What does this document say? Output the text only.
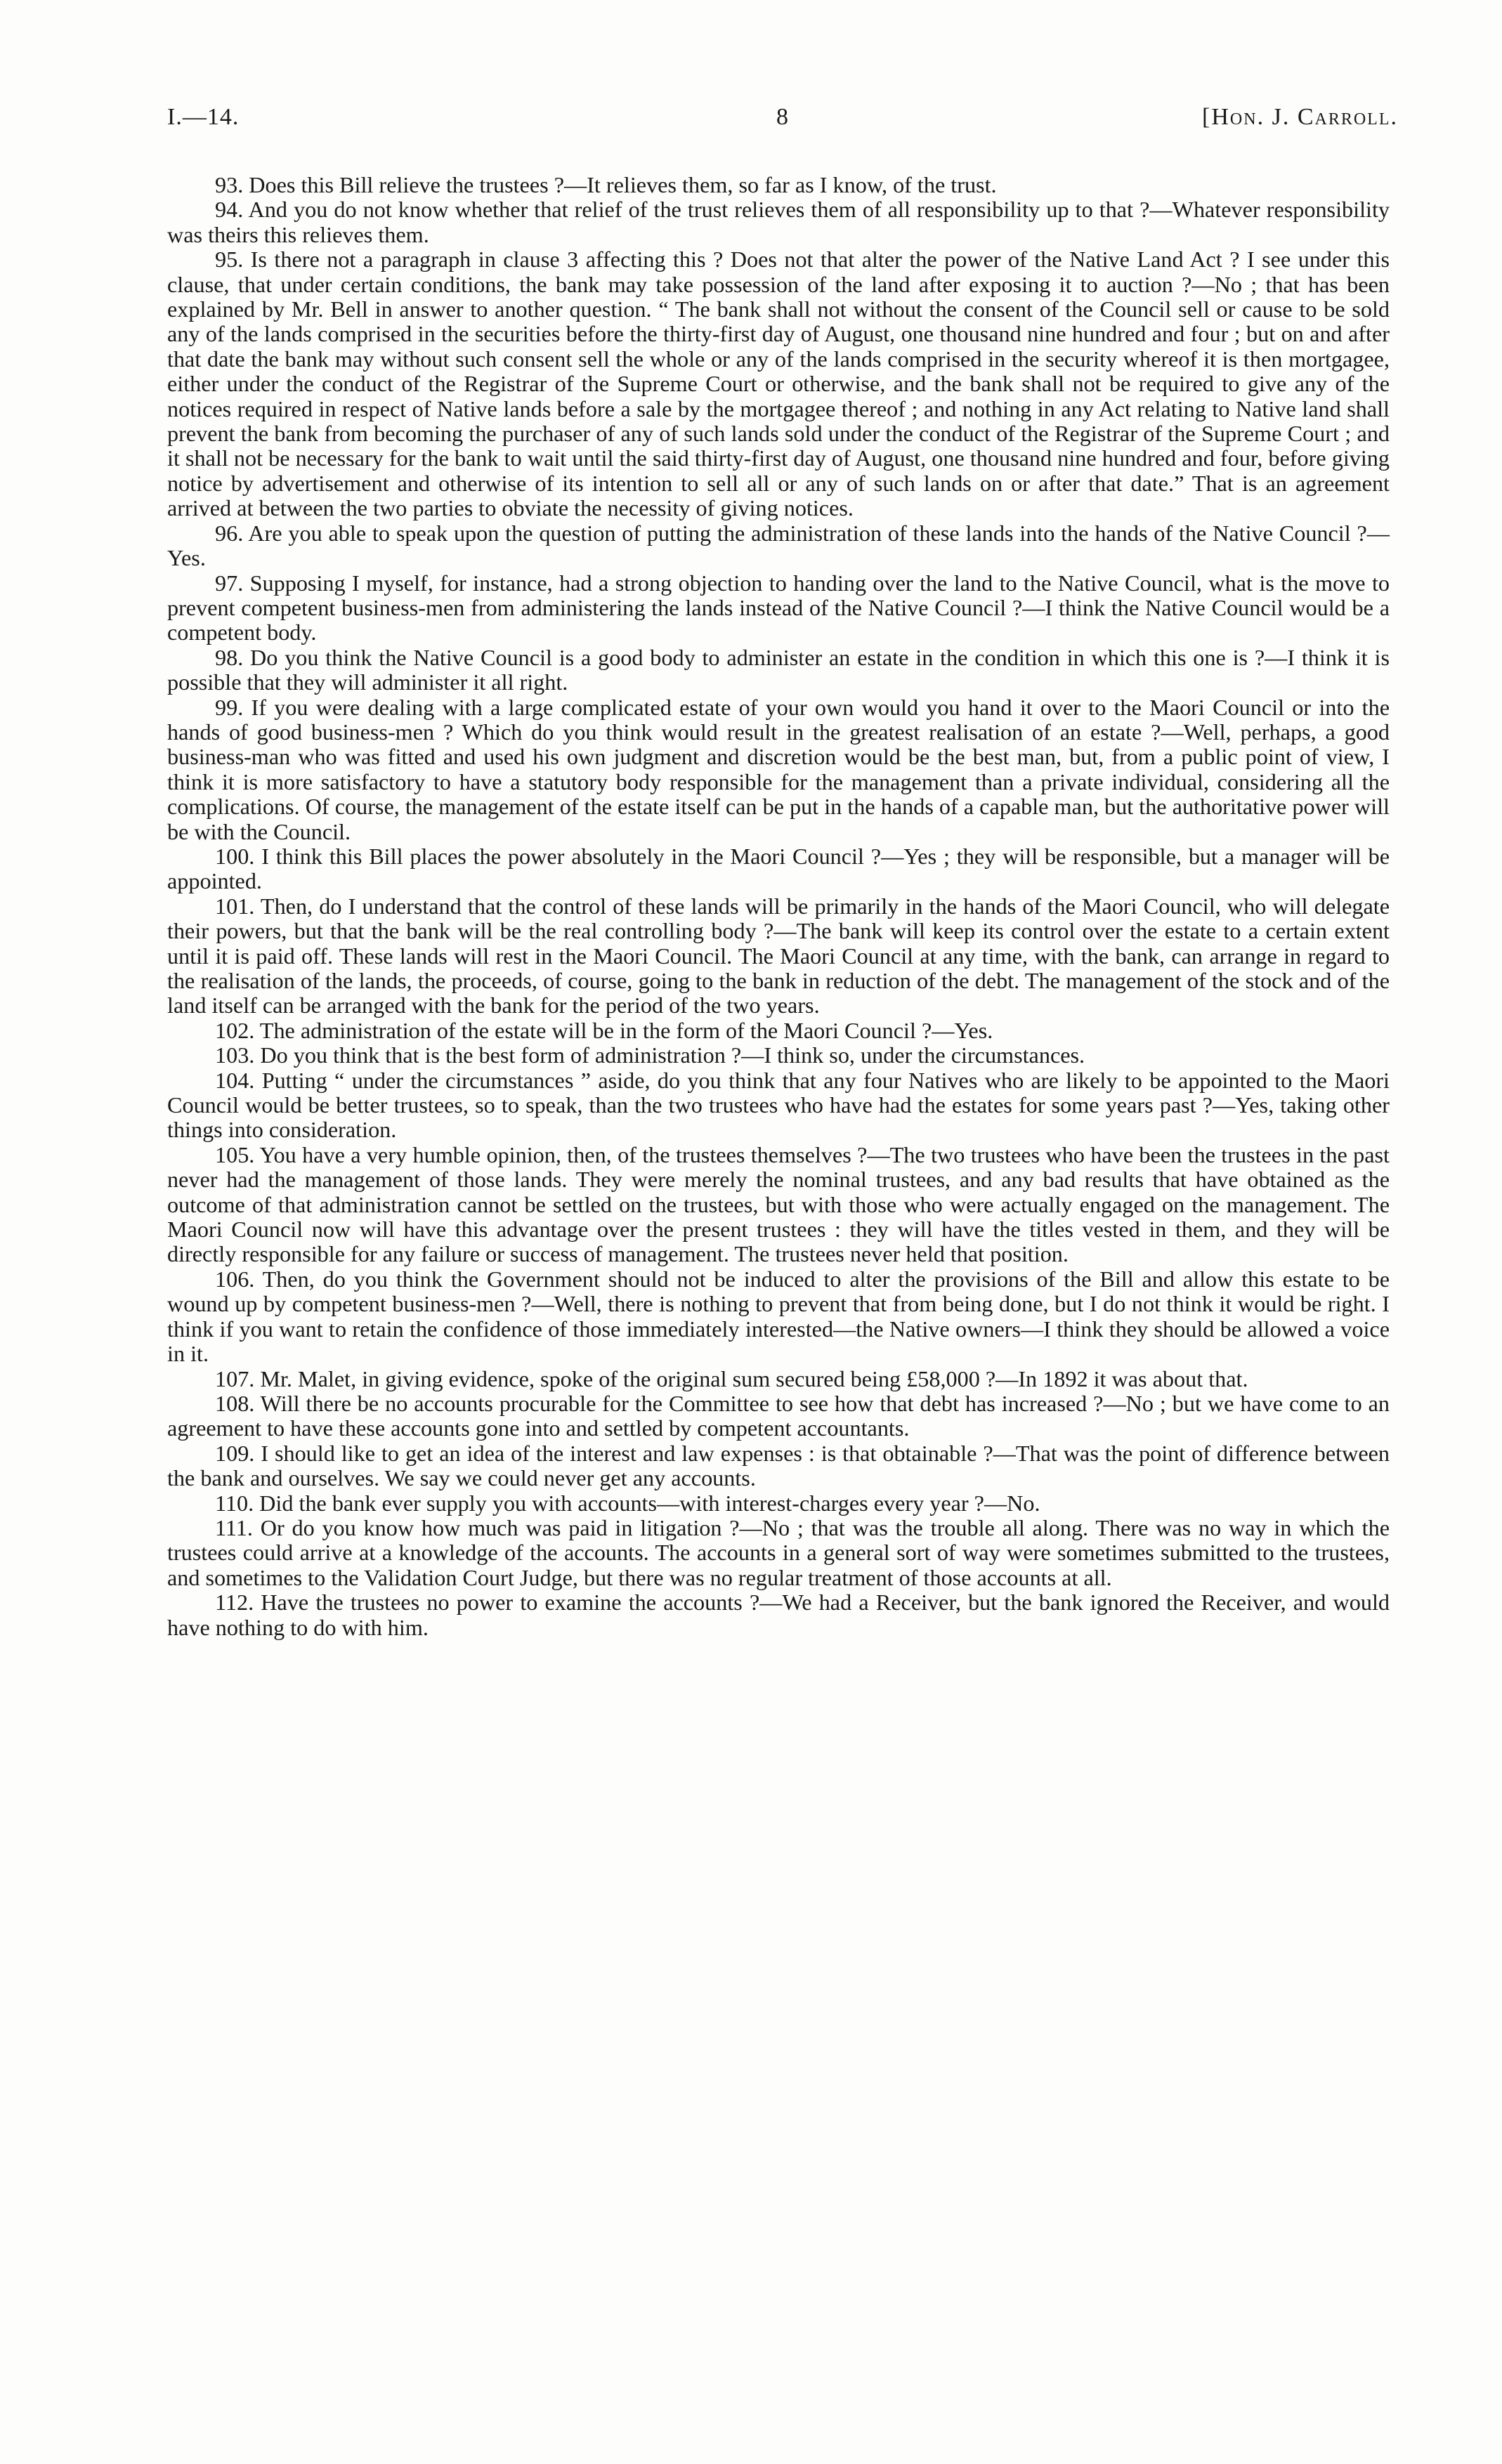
I.—14.	8	[Hon. J. Carroll.

93. Does this Bill relieve the trustees ?—It relieves them, so far as I know, of the trust.

94. And you do not know whether that relief of the trust relieves them of all responsibility up to that ?—Whatever responsibility was theirs this relieves them.

95. Is there not a paragraph in clause 3 affecting this ? Does not that alter the power of the Native Land Act ? I see under this clause, that under certain conditions, the bank may take possession of the land after exposing it to auction ?—No ; that has been explained by Mr. Bell in answer to another question. “ The bank shall not without the consent of the Council sell or cause to be sold any of the lands comprised in the securities before the thirty-first day of August, one thousand nine hundred and four ; but on and after that date the bank may without such consent sell the whole or any of the lands comprised in the security whereof it is then mortgagee, either under the conduct of the Registrar of the Supreme Court or otherwise, and the bank shall not be required to give any of the notices required in respect of Native lands before a sale by the mortgagee thereof ; and nothing in any Act relating to Native land shall prevent the bank from becoming the purchaser of any of such lands sold under the conduct of the Registrar of the Supreme Court ; and it shall not be necessary for the bank to wait until the said thirty-first day of August, one thousand nine hundred and four, before giving notice by advertisement and otherwise of its intention to sell all or any of such lands on or after that date.” That is an agreement arrived at between the two parties to obviate the necessity of giving notices.

96. Are you able to speak upon the question of putting the administration of these lands into the hands of the Native Council ?—Yes.

97. Supposing I myself, for instance, had a strong objection to handing over the land to the Native Council, what is the move to prevent competent business-men from administering the lands instead of the Native Council ?—I think the Native Council would be a competent body.

98. Do you think the Native Council is a good body to administer an estate in the condition in which this one is ?—I think it is possible that they will administer it all right.

99. If you were dealing with a large complicated estate of your own would you hand it over to the Maori Council or into the hands of good business-men ? Which do you think would result in the greatest realisation of an estate ?—Well, perhaps, a good business-man who was fitted and used his own judgment and discretion would be the best man, but, from a public point of view, I think it is more satisfactory to have a statutory body responsible for the management than a private individual, considering all the complications. Of course, the management of the estate itself can be put in the hands of a capable man, but the authoritative power will be with the Council.

100. I think this Bill places the power absolutely in the Maori Council ?—Yes ; they will be responsible, but a manager will be appointed.

101. Then, do I understand that the control of these lands will be primarily in the hands of the Maori Council, who will delegate their powers, but that the bank will be the real controlling body ?—The bank will keep its control over the estate to a certain extent until it is paid off. These lands will rest in the Maori Council. The Maori Council at any time, with the bank, can arrange in regard to the realisation of the lands, the proceeds, of course, going to the bank in reduction of the debt. The management of the stock and of the land itself can be arranged with the bank for the period of the two years.

102. The administration of the estate will be in the form of the Maori Council ?—Yes.

103. Do you think that is the best form of administration ?—I think so, under the circumstances.

104. Putting “ under the circumstances ” aside, do you think that any four Natives who are likely to be appointed to the Maori Council would be better trustees, so to speak, than the two trustees who have had the estates for some years past ?—Yes, taking other things into consideration.

105. You have a very humble opinion, then, of the trustees themselves ?—The two trustees who have been the trustees in the past never had the management of those lands. They were merely the nominal trustees, and any bad results that have obtained as the outcome of that administration cannot be settled on the trustees, but with those who were actually engaged on the management. The Maori Council now will have this advantage over the present trustees : they will have the titles vested in them, and they will be directly responsible for any failure or success of management. The trustees never held that position.

106. Then, do you think the Government should not be induced to alter the provisions of the Bill and allow this estate to be wound up by competent business-men ?—Well, there is nothing to prevent that from being done, but I do not think it would be right. I think if you want to retain the confidence of those immediately interested—the Native owners—I think they should be allowed a voice in it.

107. Mr. Malet, in giving evidence, spoke of the original sum secured being £58,000 ?—In 1892 it was about that.

108. Will there be no accounts procurable for the Committee to see how that debt has increased ?—No ; but we have come to an agreement to have these accounts gone into and settled by competent accountants.

109. I should like to get an idea of the interest and law expenses : is that obtainable ?—That was the point of difference between the bank and ourselves. We say we could never get any accounts.

110. Did the bank ever supply you with accounts—with interest-charges every year ?—No.

111. Or do you know how much was paid in litigation ?—No ; that was the trouble all along. There was no way in which the trustees could arrive at a knowledge of the accounts. The accounts in a general sort of way were sometimes submitted to the trustees, and sometimes to the Validation Court Judge, but there was no regular treatment of those accounts at all.

112. Have the trustees no power to examine the accounts ?—We had a Receiver, but the bank ignored the Receiver, and would have nothing to do with him.
